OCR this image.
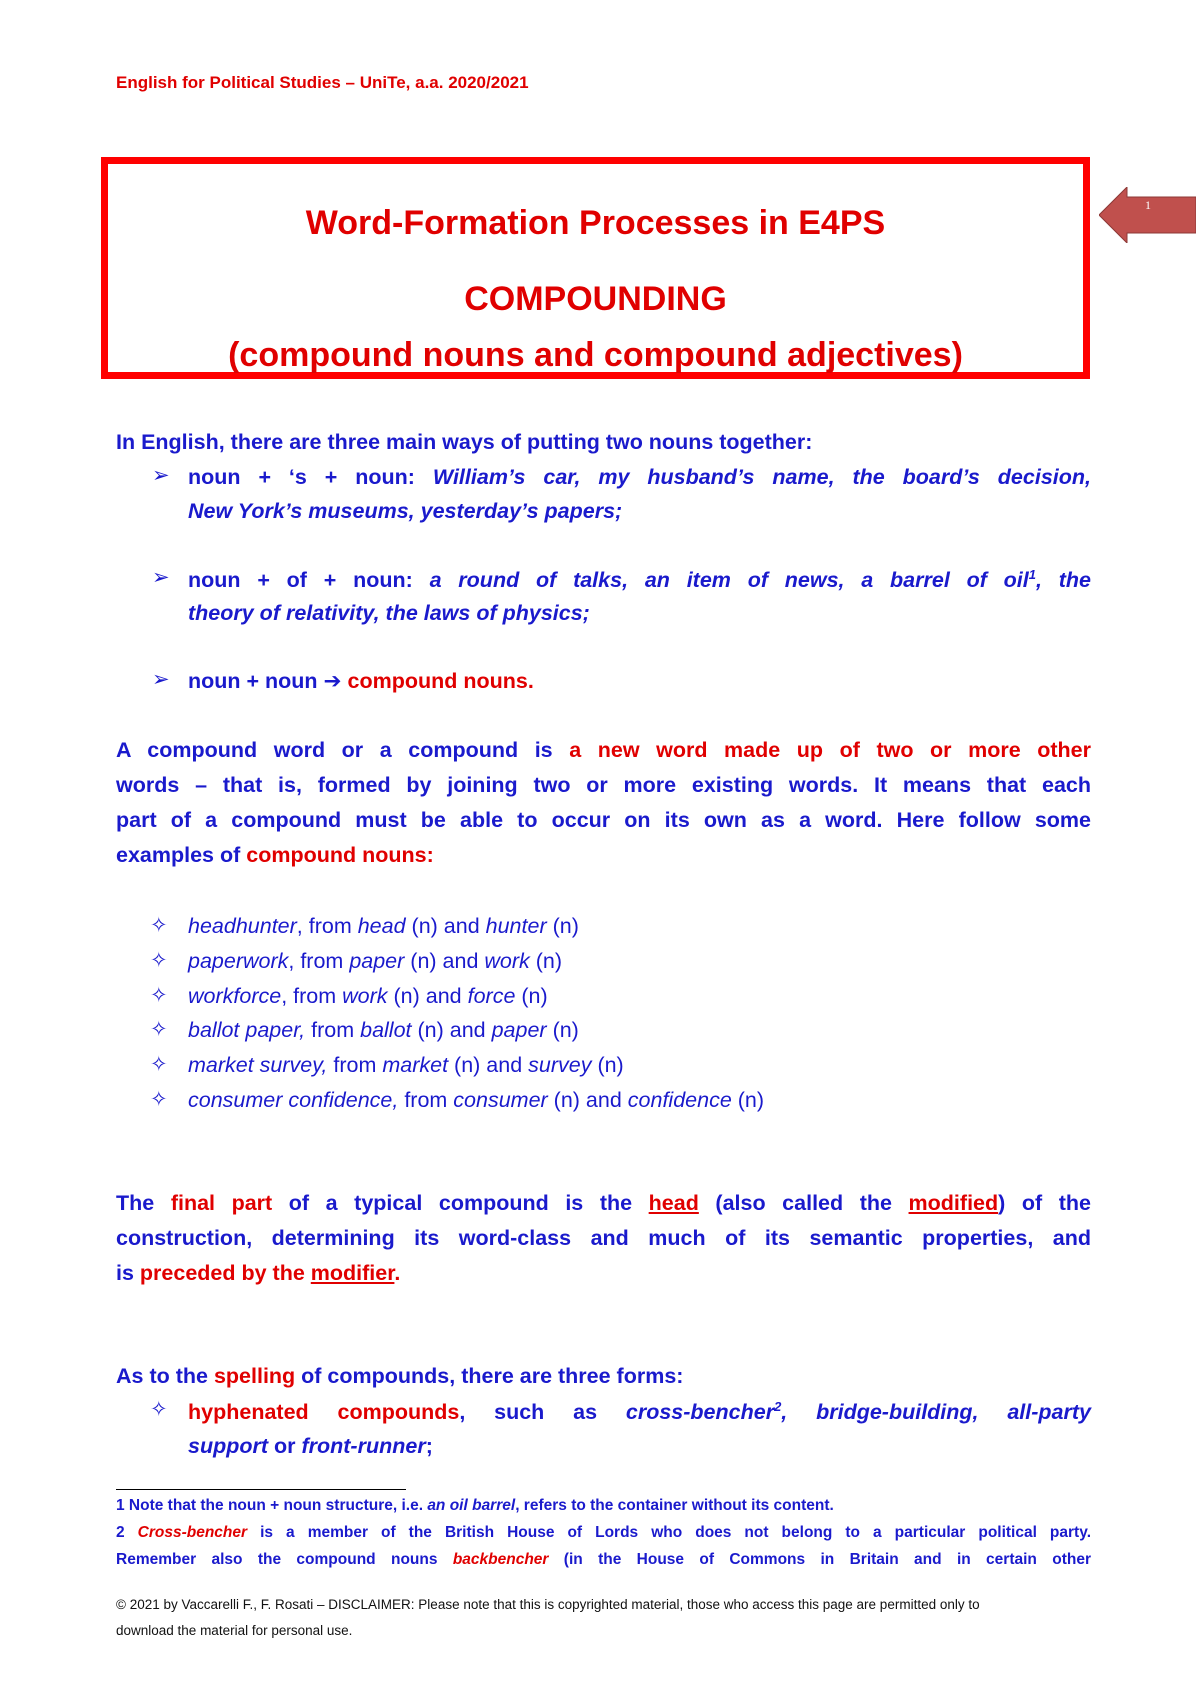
English for Political Studies – UniTe, a.a. 2020/2021
Word-Formation Processes in E4PS
COMPOUNDING
(compound nouns and compound adjectives)
1
In English, there are three main ways of putting two nouns together:
➢ noun + ‘s + noun: William’s car, my husband’s name, the board’s decision,
New York’s museums, yesterday’s papers;
➢ noun + of + noun: a round of talks, an item of news, a barrel of oil$^1$, the
theory of relativity, the laws of physics;
➢ noun + noun ➔ compound nouns.
A compound word or a compound is a new word made up of two or more other
words – that is, formed by joining two or more existing words. It means that each
part of a compound must be able to occur on its own as a word. Here follow some
examples of compound nouns:
✧ headhunter, from head (n) and hunter (n)
✧ paperwork, from paper (n) and work (n)
✧ workforce, from work (n) and force (n)
✧ ballot paper, from ballot (n) and paper (n)
✧ market survey, from market (n) and survey (n)
✧ consumer confidence, from consumer (n) and confidence (n)
The final part of a typical compound is the head (also called the modified) of the
construction, determining its word-class and much of its semantic properties, and
is preceded by the modifier.
As to the spelling of compounds, there are three forms:
✧ hyphenated compounds, such as cross-bencher$^2$, bridge-building, all-party
support or front-runner;
1 Note that the noun + noun structure, i.e. an oil barrel, refers to the container without its content.
2 Cross-bencher is a member of the British House of Lords who does not belong to a particular political party.
Remember also the compound nouns backbencher (in the House of Commons in Britain and in certain other
© 2021 by Vaccarelli F., F. Rosati – DISCLAIMER: Please note that this is copyrighted material, those who access this page are permitted only to
download the material for personal use.
